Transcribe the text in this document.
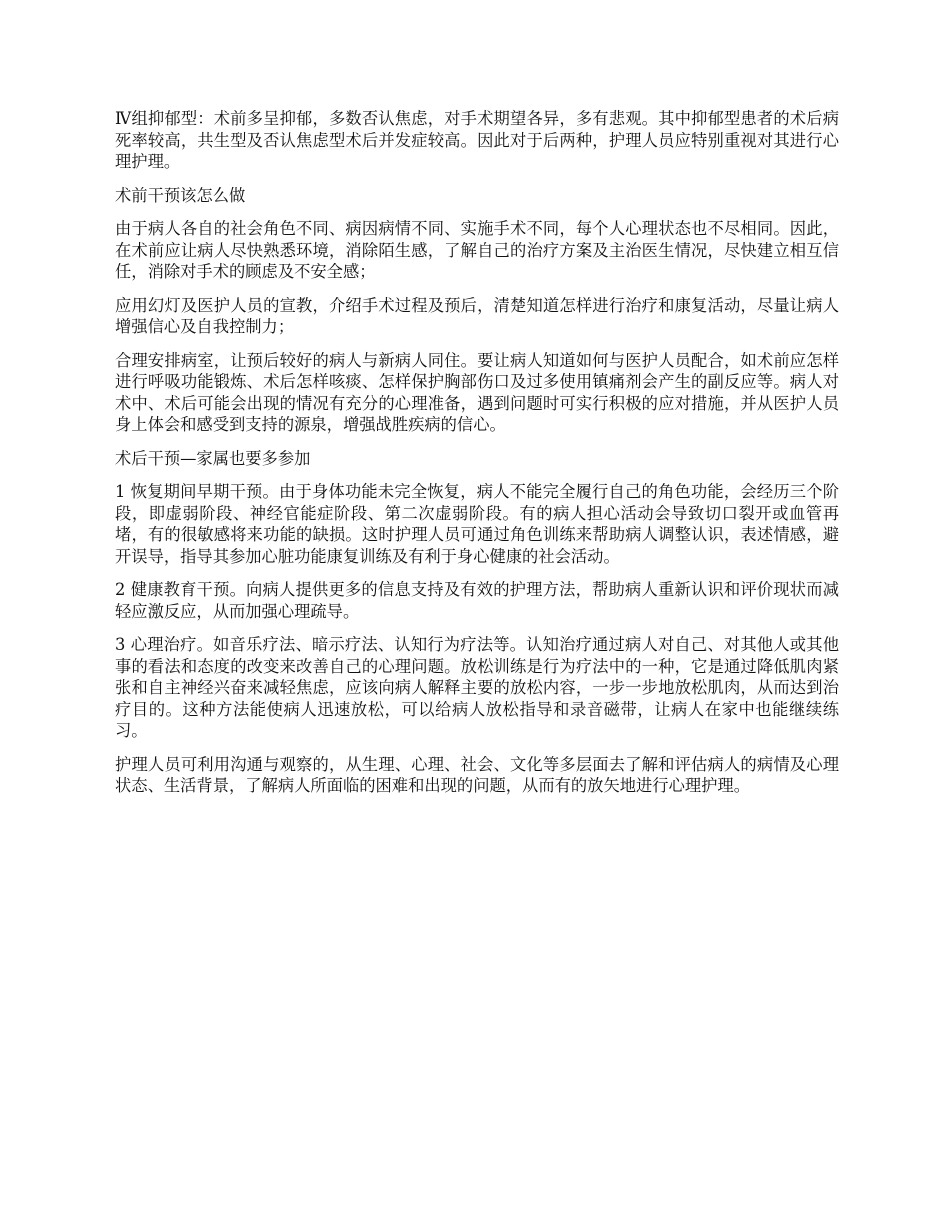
Ⅳ组抑郁型：术前多呈抑郁，多数否认焦虑，对手术期望各异，多有悲观。其中抑郁型患者的术后病死率较高，共生型及否认焦虑型术后并发症较高。因此对于后两种，护理人员应特别重视对其进行心理护理。

术前干预该怎么做

由于病人各自的社会角色不同、病因病情不同、实施手术不同，每个人心理状态也不尽相同。因此，在术前应让病人尽快熟悉环境，消除陌生感，了解自己的治疗方案及主治医生情况，尽快建立相互信任，消除对手术的顾虑及不安全感；

应用幻灯及医护人员的宣教，介绍手术过程及预后，清楚知道怎样进行治疗和康复活动，尽量让病人增强信心及自我控制力；

合理安排病室，让预后较好的病人与新病人同住。要让病人知道如何与医护人员配合，如术前应怎样进行呼吸功能锻炼、术后怎样咳痰、怎样保护胸部伤口及过多使用镇痛剂会产生的副反应等。病人对术中、术后可能会出现的情况有充分的心理准备，遇到问题时可实行积极的应对措施，并从医护人员身上体会和感受到支持的源泉，增强战胜疾病的信心。

术后干预—家属也要多参加

1 恢复期间早期干预。由于身体功能未完全恢复，病人不能完全履行自己的角色功能，会经历三个阶段，即虚弱阶段、神经官能症阶段、第二次虚弱阶段。有的病人担心活动会导致切口裂开或血管再堵，有的很敏感将来功能的缺损。这时护理人员可通过角色训练来帮助病人调整认识，表述情感，避开误导，指导其参加心脏功能康复训练及有利于身心健康的社会活动。

2 健康教育干预。向病人提供更多的信息支持及有效的护理方法，帮助病人重新认识和评价现状而减轻应激反应，从而加强心理疏导。

3 心理治疗。如音乐疗法、暗示疗法、认知行为疗法等。认知治疗通过病人对自己、对其他人或其他事的看法和态度的改变来改善自己的心理问题。放松训练是行为疗法中的一种，它是通过降低肌肉紧张和自主神经兴奋来减轻焦虑，应该向病人解释主要的放松内容，一步一步地放松肌肉，从而达到治疗目的。这种方法能使病人迅速放松，可以给病人放松指导和录音磁带，让病人在家中也能继续练习。

护理人员可利用沟通与观察的，从生理、心理、社会、文化等多层面去了解和评估病人的病情及心理状态、生活背景，了解病人所面临的困难和出现的问题，从而有的放矢地进行心理护理。
